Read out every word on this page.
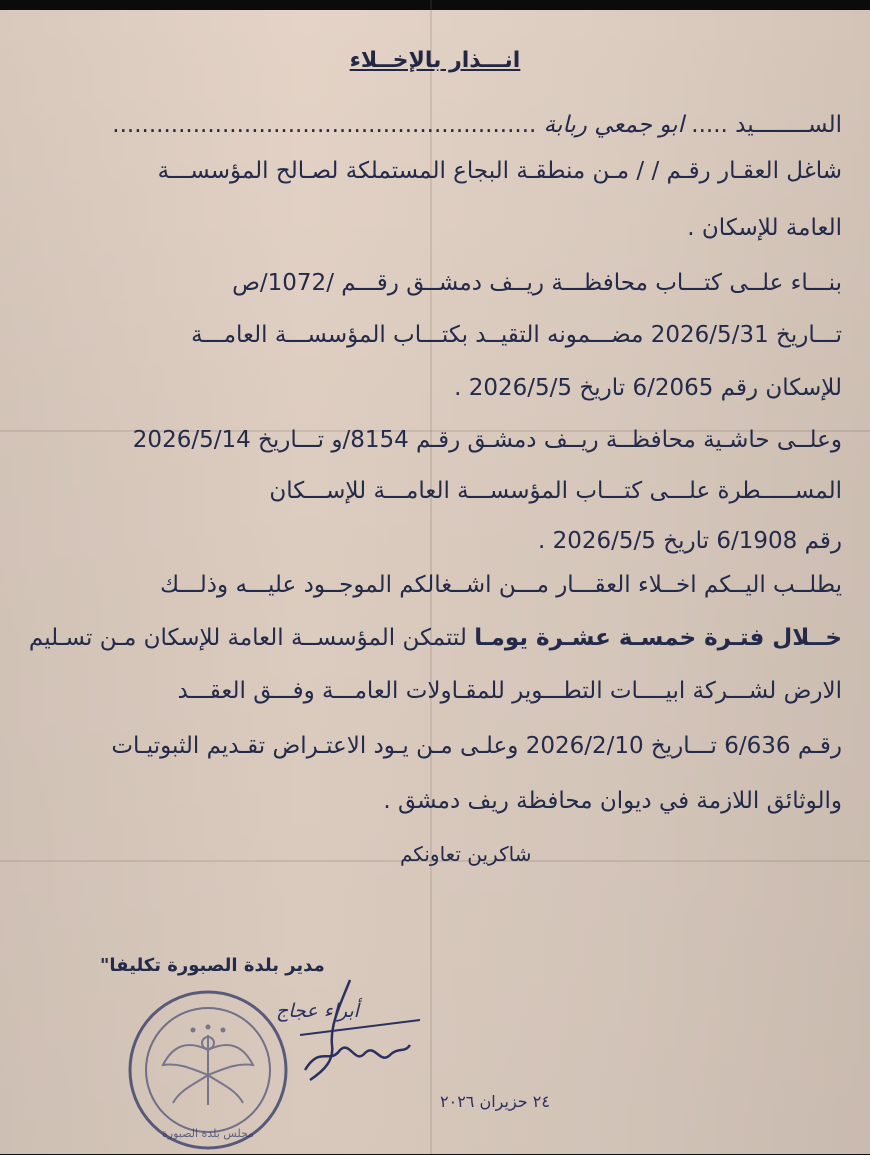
انـــذار بالإخــلاء
الســــــــيد ..... ابو جمعي ربابة ..........................................................
شاغل العقـار رقـم / / مـن منطقـة البجاع المستملكة لصـالح المؤسســـة
العامة للإسكان .
بنـــاء علــى كتـــاب محافظـــة ريــف دمشــق رقـــم /1072/ص
تـــاريخ 2026/5/31 مضـــمونه التقيــد بكتـــاب المؤسســـة العامـــة
للإسكان رقم 6/2065 تاريخ 2026/5/5 .
وعلــى حاشـية محافظــة ريــف دمشـق رقـم 8154/و تـــاريخ 2026/5/14
المســـــطرة علـــى كتـــاب المؤسســـة العامـــة للإســـكان
رقم 6/1908 تاريخ 2026/5/5 .
يطلــب اليــكم اخــلاء العقـــار مـــن اشــغالكم الموجــود عليـــه وذلـــك
خــلال فتـرة خمسـة عشـرة يومـا لتتمكن المؤسســة العامة للإسكان مـن تسـليم
الارض لشـــركة ابيــــات التطـــوير للمقـاولات العامـــة وفـــق العقـــد
رقـم 6/636 تـــاريخ 2026/2/10 وعلـى مـن يـود الاعتـراض تقـديم الثبوتيـات
والوثائق اللازمة في ديوان محافظة ريف دمشق .
شاكرين تعاونكم
مدير بلدة الصبورة تكليفا"
أبراء عجاج
مجلس بلدة الصبورة
٢٤ حزيران ٢٠٢٦
